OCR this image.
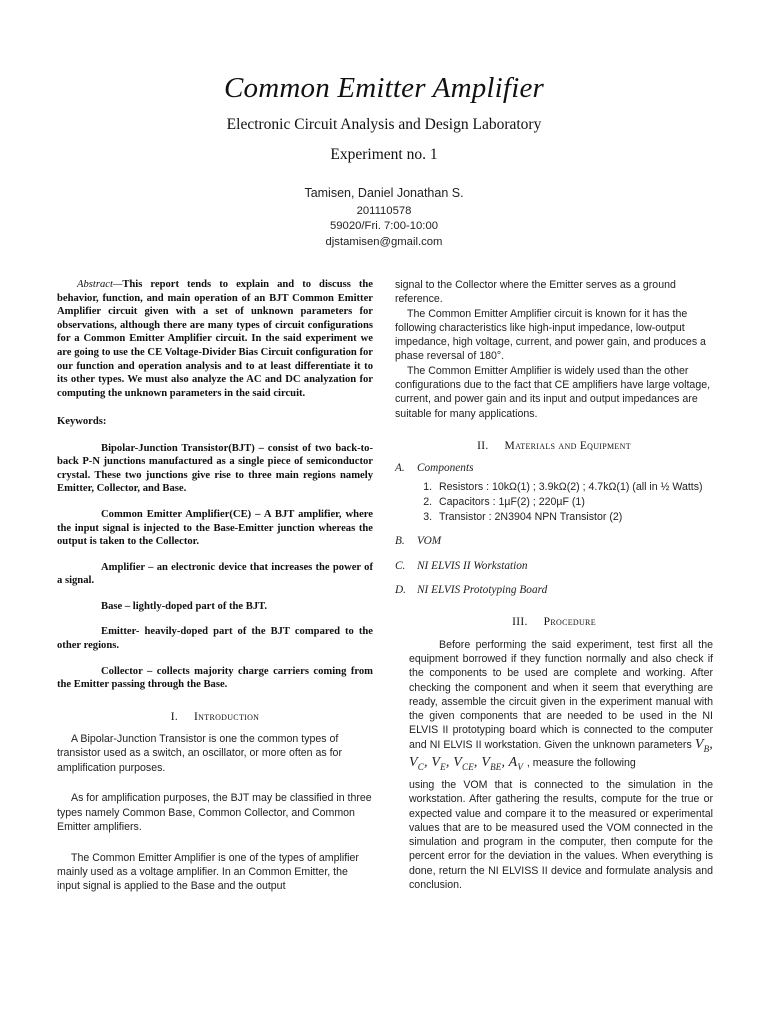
Common Emitter Amplifier
Electronic Circuit Analysis and Design Laboratory
Experiment no. 1
Tamisen, Daniel Jonathan S.
201110578
59020/Fri. 7:00-10:00
djstamisen@gmail.com

Abstract—This report tends to explain and to discuss the behavior, function, and main operation of an BJT Common Emitter Amplifier circuit given with a set of unknown parameters for observations, although there are many types of circuit configurations for a Common Emitter Amplifier circuit. In the said experiment we are going to use the CE Voltage-Divider Bias Circuit configuration for our function and operation analysis and to at least differentiate it to its other types. We must also analyze the AC and DC analyzation for computing the unknown parameters in the said circuit.

Keywords:

Bipolar-Junction Transistor(BJT) – consist of two back-to-back P-N junctions manufactured as a single piece of semiconductor crystal. These two junctions give rise to three main regions namely Emitter, Collector, and Base.

Common Emitter Amplifier(CE) – A BJT amplifier, where the input signal is injected to the Base-Emitter junction whereas the output is taken to the Collector.

Amplifier – an electronic device that increases the power of a signal.

Base – lightly-doped part of the BJT.

Emitter- heavily-doped part of the BJT compared to the other regions.

Collector – collects majority charge carriers coming from the Emitter passing through the Base.

I. Introduction

A Bipolar-Junction Transistor is one the common types of transistor used as a switch, an oscillator, or more often as for amplification purposes.

As for amplification purposes, the BJT may be classified in three types namely Common Base, Common Collector, and Common Emitter amplifiers.

The Common Emitter Amplifier is one of the types of amplifier mainly used as a voltage amplifier. In an Common Emitter, the input signal is applied to the Base and the output

signal to the Collector where the Emitter serves as a ground reference.

The Common Emitter Amplifier circuit is known for it has the following characteristics like high-input impedance, low-output impedance, high voltage, current, and power gain, and produces a phase reversal of 180°.

The Common Emitter Amplifier is widely used than the other configurations due to the fact that CE amplifiers have large voltage, current, and power gain and its input and output impedances are suitable for many applications.

II. Materials and Equipment
A. Components
1. Resistors : 10kΩ(1) ; 3.9kΩ(2) ; 4.7kΩ(1) (all in ½ Watts)
2. Capacitors : 1µF(2) ; 220µF (1)
3. Transistor : 2N3904 NPN Transistor (2)
B. VOM
C. NI ELVIS II Workstation
D. NI ELVIS Prototyping Board
III. Procedure

Before performing the said experiment, test first all the equipment borrowed if they function normally and also check if the components to be used are complete and working. After checking the component and when it seem that everything are ready, assemble the circuit given in the experiment manual with the given components that are needed to be used in the NI ELVIS II prototyping board which is connected to the computer and NI ELVIS II workstation. Given the unknown parameters $V_B$, $V_C$, $V_E$, $V_{CE}$, $V_{BE}$, $A_V$ , measure the following

using the VOM that is connected to the simulation in the workstation. After gathering the results, compute for the true or expected value and compare it to the measured or experimental values that are to be measured used the VOM connected in the simulation and program in the computer, then compute for the percent error for the deviation in the values. When everything is done, return the NI ELVISS II device and formulate analysis and conclusion.
